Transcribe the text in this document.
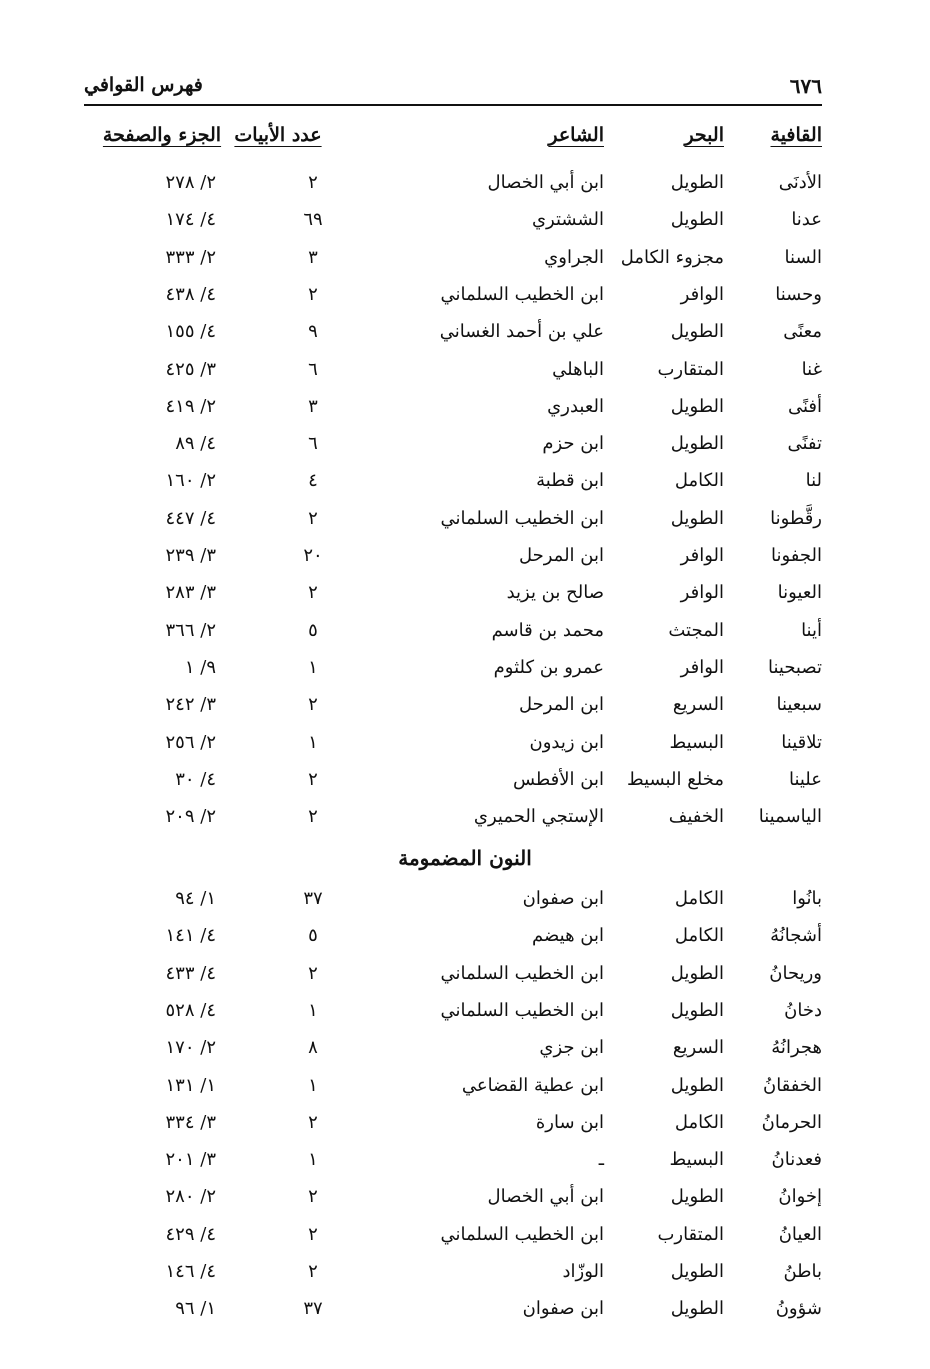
٦٧٦
فهرس القوافي
القافية
البحر
الشاعر
عدد الأبيات
الجزء والصفحة
الأدنَى
الطويل
ابن أبي الخصال
٢
٢/ ٢٧٨
عدنا
الطويل
الششتري
٦٩
٤/ ١٧٤
السنا
مجزوء الكامل
الجراوي
٣
٢/ ٣٣٣
وحسنا
الوافر
ابن الخطيب السلماني
٢
٤/ ٤٣٨
معنًى
الطويل
علي بن أحمد الغساني
٩
٤/ ١٥٥
غنا
المتقارب
الباهلي
٦
٣/ ٤٢٥
أفنًى
الطويل
العبدري
٣
٢/ ٤١٩
تفنًى
الطويل
ابن حزم
٦
٤/ ٨٩
لنا
الكامل
ابن قطبة
٤
٢/ ١٦٠
رقَّطونا
الطويل
ابن الخطيب السلماني
٢
٤/ ٤٤٧
الجفونا
الوافر
ابن المرحل
٢٠
٣/ ٢٣٩
العيونا
الوافر
صالح بن يزيد
٢
٣/ ٢٨٣
أينا
المجتث
محمد بن قاسم
٥
٢/ ٣٦٦
تصبحينا
الوافر
عمرو بن كلثوم
١
٩/ ١
سبعينا
السريع
ابن المرحل
٢
٣/ ٢٤٢
تلاقينا
البسيط
ابن زيدون
١
٢/ ٢٥٦
علينا
مخلع البسيط
ابن الأفطس
٢
٤/ ٣٠
الياسمينا
الخفيف
الإستجي الحميري
٢
٢/ ٢٠٩
النون المضمومة
بانُوا
الكامل
ابن صفوان
٣٧
١/ ٩٤
أشجانُهُ
الكامل
ابن هيضم
٥
٤/ ١٤١
وريحانُ
الطويل
ابن الخطيب السلماني
٢
٤/ ٤٣٣
دخانُ
الطويل
ابن الخطيب السلماني
١
٤/ ٥٢٨
هجرانُهُ
السريع
ابن جزي
٨
٢/ ١٧٠
الخفقانُ
الطويل
ابن عطية القضاعي
١
١/ ١٣١
الحرمانُ
الكامل
ابن سارة
٢
٣/ ٣٣٤
فعدنانُ
البسيط
ـ
١
٣/ ٢٠١
إخوانُ
الطويل
ابن أبي الخصال
٢
٢/ ٢٨٠
العيانُ
المتقارب
ابن الخطيب السلماني
٢
٤/ ٤٢٩
باطنُ
الطويل
الوزّاد
٢
٤/ ١٤٦
شؤونُ
الطويل
ابن صفوان
٣٧
١/ ٩٦
